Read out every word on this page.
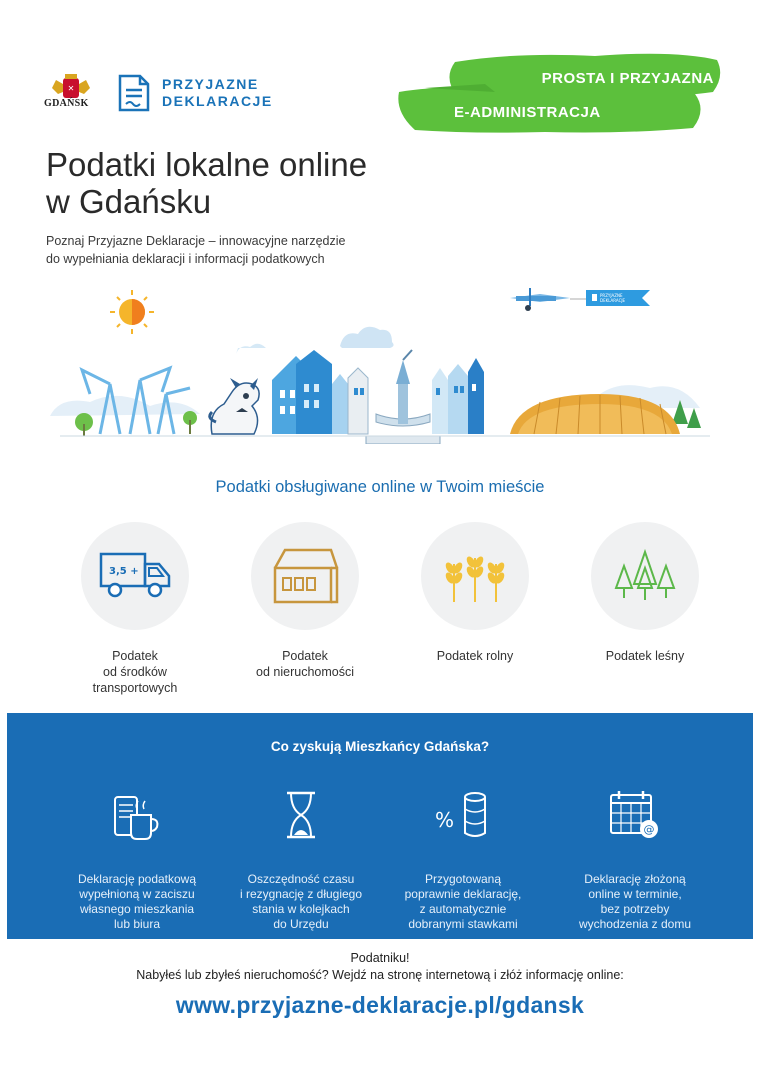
✕
GDAŃSK
PRZYJAZNE
DEKLARACJE
PROSTA I PRZYJAZNA
E-ADMINISTRACJA
Podatki lokalne online
w Gdańsku
Poznaj Przyjazne Deklaracje – innowacyjne narzędzie
do wypełniania deklaracji i informacji podatkowych
PRZYJAZNE
DEKLARACJE
Podatki obsługiwane online w Twoim mieście
3,5 +
Podatek
od środków
transportowych
Podatek
od nieruchomości
Podatek rolny	Podatek leśny
Co zyskują Mieszkańcy Gdańska?
Deklarację podatkową
wypełnioną w zaciszu
własnego mieszkania
lub biura
Oszczędność czasu
i rezygnację z długiego
stania w kolejkach
do Urzędu
%
Przygotowaną
poprawnie deklarację,
z automatycznie
dobranymi stawkami
@
Deklarację złożoną
online w terminie,
bez potrzeby
wychodzenia z domu
Podatniku!
Nabyłeś lub zbyłeś nieruchomość? Wejdź na stronę internetową i złóż informację online:
www.przyjazne-deklaracje.pl/gdansk
